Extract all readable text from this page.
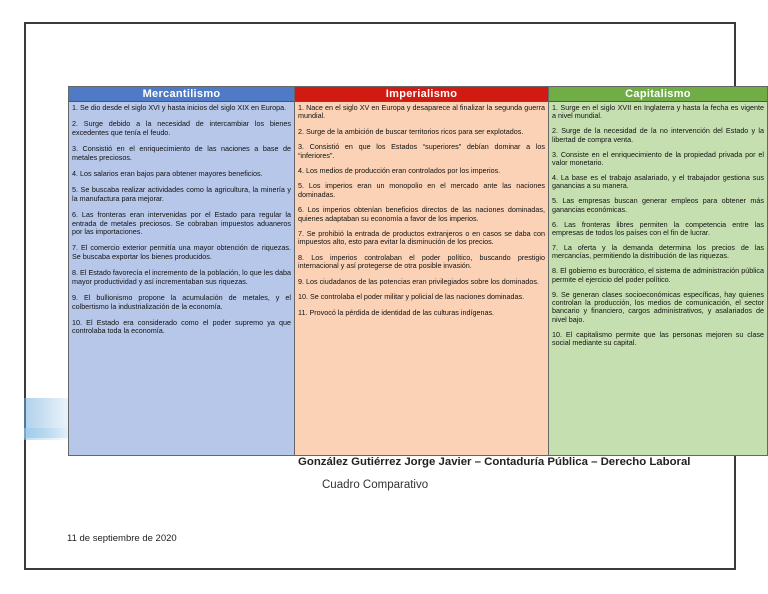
Mercantilismo
1. Se dio desde el siglo XVI y hasta inicios del siglo XIX en Europa.
2. Surge debido a la necesidad de intercambiar los bienes excedentes que tenía el feudo.
3. Consistió en el enriquecimiento de las naciones a base de metales preciosos.
4. Los salarios eran bajos para obtener mayores beneficios.
5. Se buscaba realizar actividades como la agricultura, la minería y la manufactura para mejorar.
6. Las fronteras eran intervenidas por el Estado para regular la entrada de metales preciosos. Se cobraban impuestos aduaneros por las importaciones.
7. El comercio exterior permitía una mayor obtención de riquezas. Se buscaba exportar los bienes producidos.
8. El Estado favorecía el incremento de la población, lo que les daba mayor productividad y así incrementaban sus riquezas.
9. El bullionismo propone la acumulación de metales, y el colbertismo la industrialización de la economía.
10. El Estado era considerado como el poder supremo ya que controlaba toda la economía.
Imperialismo
1. Nace en el siglo XV en Europa y desaparece al finalizar la segunda guerra mundial.
2. Surge de la ambición de buscar territorios ricos para ser explotados.
3. Consistió en que los Estados “superiores” debían dominar a los “inferiores”.
4. Los medios de producción eran controlados por los imperios.
5. Los imperios eran un monopolio en el mercado ante las naciones dominadas.
6. Los imperios obtenían beneficios directos de las naciones dominadas, quienes adaptaban su economía a favor de los imperios.
7. Se prohibió la entrada de productos extranjeros o en casos se daba con impuestos alto, esto para evitar la disminución de los precios.
8. Los imperios controlaban el poder político, buscando prestigio internacional y así protegerse de otra posible invasión.
9. Los ciudadanos de las potencias eran privilegiados sobre los dominados.
10. Se controlaba el poder militar y policial de las naciones dominadas.
11. Provocó la pérdida de identidad de las culturas indígenas.
Capitalismo
1. Surge en el siglo XVII en Inglaterra y hasta la fecha es vigente a nivel mundial.
2. Surge de la necesidad de la no intervención del Estado y la libertad de compra venta.
3. Consiste en el enriquecimiento de la propiedad privada por el valor monetario.
4. La base es el trabajo asalariado, y el trabajador gestiona sus ganancias a su manera.
5. Las empresas buscan generar empleos para obtener más ganancias económicas.
6. Las fronteras libres permiten la competencia entre las empresas de todos los países con el fin de lucrar.
7. La oferta y la demanda determina los precios de las mercancías, permitiendo la distribución de las riquezas.
8. El gobierno es burocrático, el sistema de administración pública permite el ejercicio del poder político.
9. Se generan clases socioeconómicas específicas, hay quienes controlan la producción, los medios de comunicación, el sector bancario y financiero, cargos administrativos, y asalariados de nivel bajo.
10. El capitalismo permite que las personas mejoren su clase social mediante su capital.
González Gutiérrez Jorge Javier – Contaduría Pública – Derecho Laboral
Cuadro Comparativo
11 de septiembre de 2020
